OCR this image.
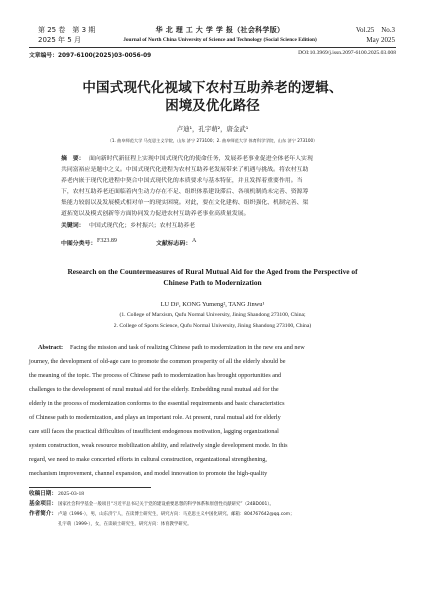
第 25 卷　第 3 期
2025 年 5 月
华 北 理 工 大 学 学 报（社会科学版）
Journal of North China University of Science and Technology (Social Science Edition)
Vol.25　No.3
May 2025
文章编号：2097-6100(2025)03-0056-09	DOI:10.3969/j.issn.2097-6100.2025.03.008
中国式现代化视域下农村互助养老的逻辑、
困境及优化路径
卢迪¹，孔宇萌²，唐金武¹
（1. 曲阜师范大学 马克思主义学院，山东 济宁 273100；2. 曲阜师范大学 体育科学学院，山东 济宁 273100）
摘　要： 面向新时代新征程上实现中国式现代化的使命任务，发展养老事业促进全体老年人实现
共同富裕应是题中之义。中国式现代化进程为农村互助养老发展带来了机遇与挑战。将农村互助
养老内嵌于现代化进程中契合中国式现代化的本质要求与基本特征，并且发挥着重要作用。当
下，农村互助养老还面临着内生动力存在不足、组织体系建设滞后、各项机制尚未完善、资源筹
集能力较弱以及发展模式相对单一的现实困境。对此，要在文化建构、组织强化、机制完善、渠
道拓宽以及模式创新等方面协同发力促进农村互助养老事业高质量发展。
关键词： 中国式现代化；乡村振兴；农村互助养老
中图分类号： F323.89	文献标志码： A
Research on the Countermeasures of Rural Mutual Aid for the Aged from the Perspective of
Chinese Path to Modernization
LU Di¹, KONG Yumeng², TANG Jinwu¹
(1. College of Marxism, Qufu Normal University, Jining Shandong 273100, China;
2. College of Sports Science, Qufu Normal University, Jining Shandong 273100, China)
Abstract: Facing the mission and task of realizing Chinese path to modernization in the new era and new
journey, the development of old-age care to promote the common prosperity of all the elderly should be
the meaning of the topic. The process of Chinese path to modernization has brought opportunities and
challenges to the development of rural mutual aid for the elderly. Embedding rural mutual aid for the
elderly in the process of modernization conforms to the essential requirements and basic characteristics
of Chinese path to modernization, and plays an important role. At present, rural mutual aid for elderly
care still faces the practical difficulties of insufficient endogenous motivation, lagging organizational
system construction, weak resource mobilization ability, and relatively single development mode. In this
regard, we need to make concerted efforts in cultural construction, organizational strengthening,
mechanism improvement, channel expansion, and model innovation to promote the high-quality
收稿日期： 2025-03-18
基金项目： 国家社会科学基金一般项目“习近平总书记关于党的建设重要思想的科学体系和原创性贡献研究”（24BD001）。
作者简介： 卢迪（1996-），男，山东济宁人，在读博士研究生，研究方向：马克思主义中国化研究。邮箱：804767642@qq.com；
孔宇萌（1999-），女，在读硕士研究生，研究方向：体育教学研究。
